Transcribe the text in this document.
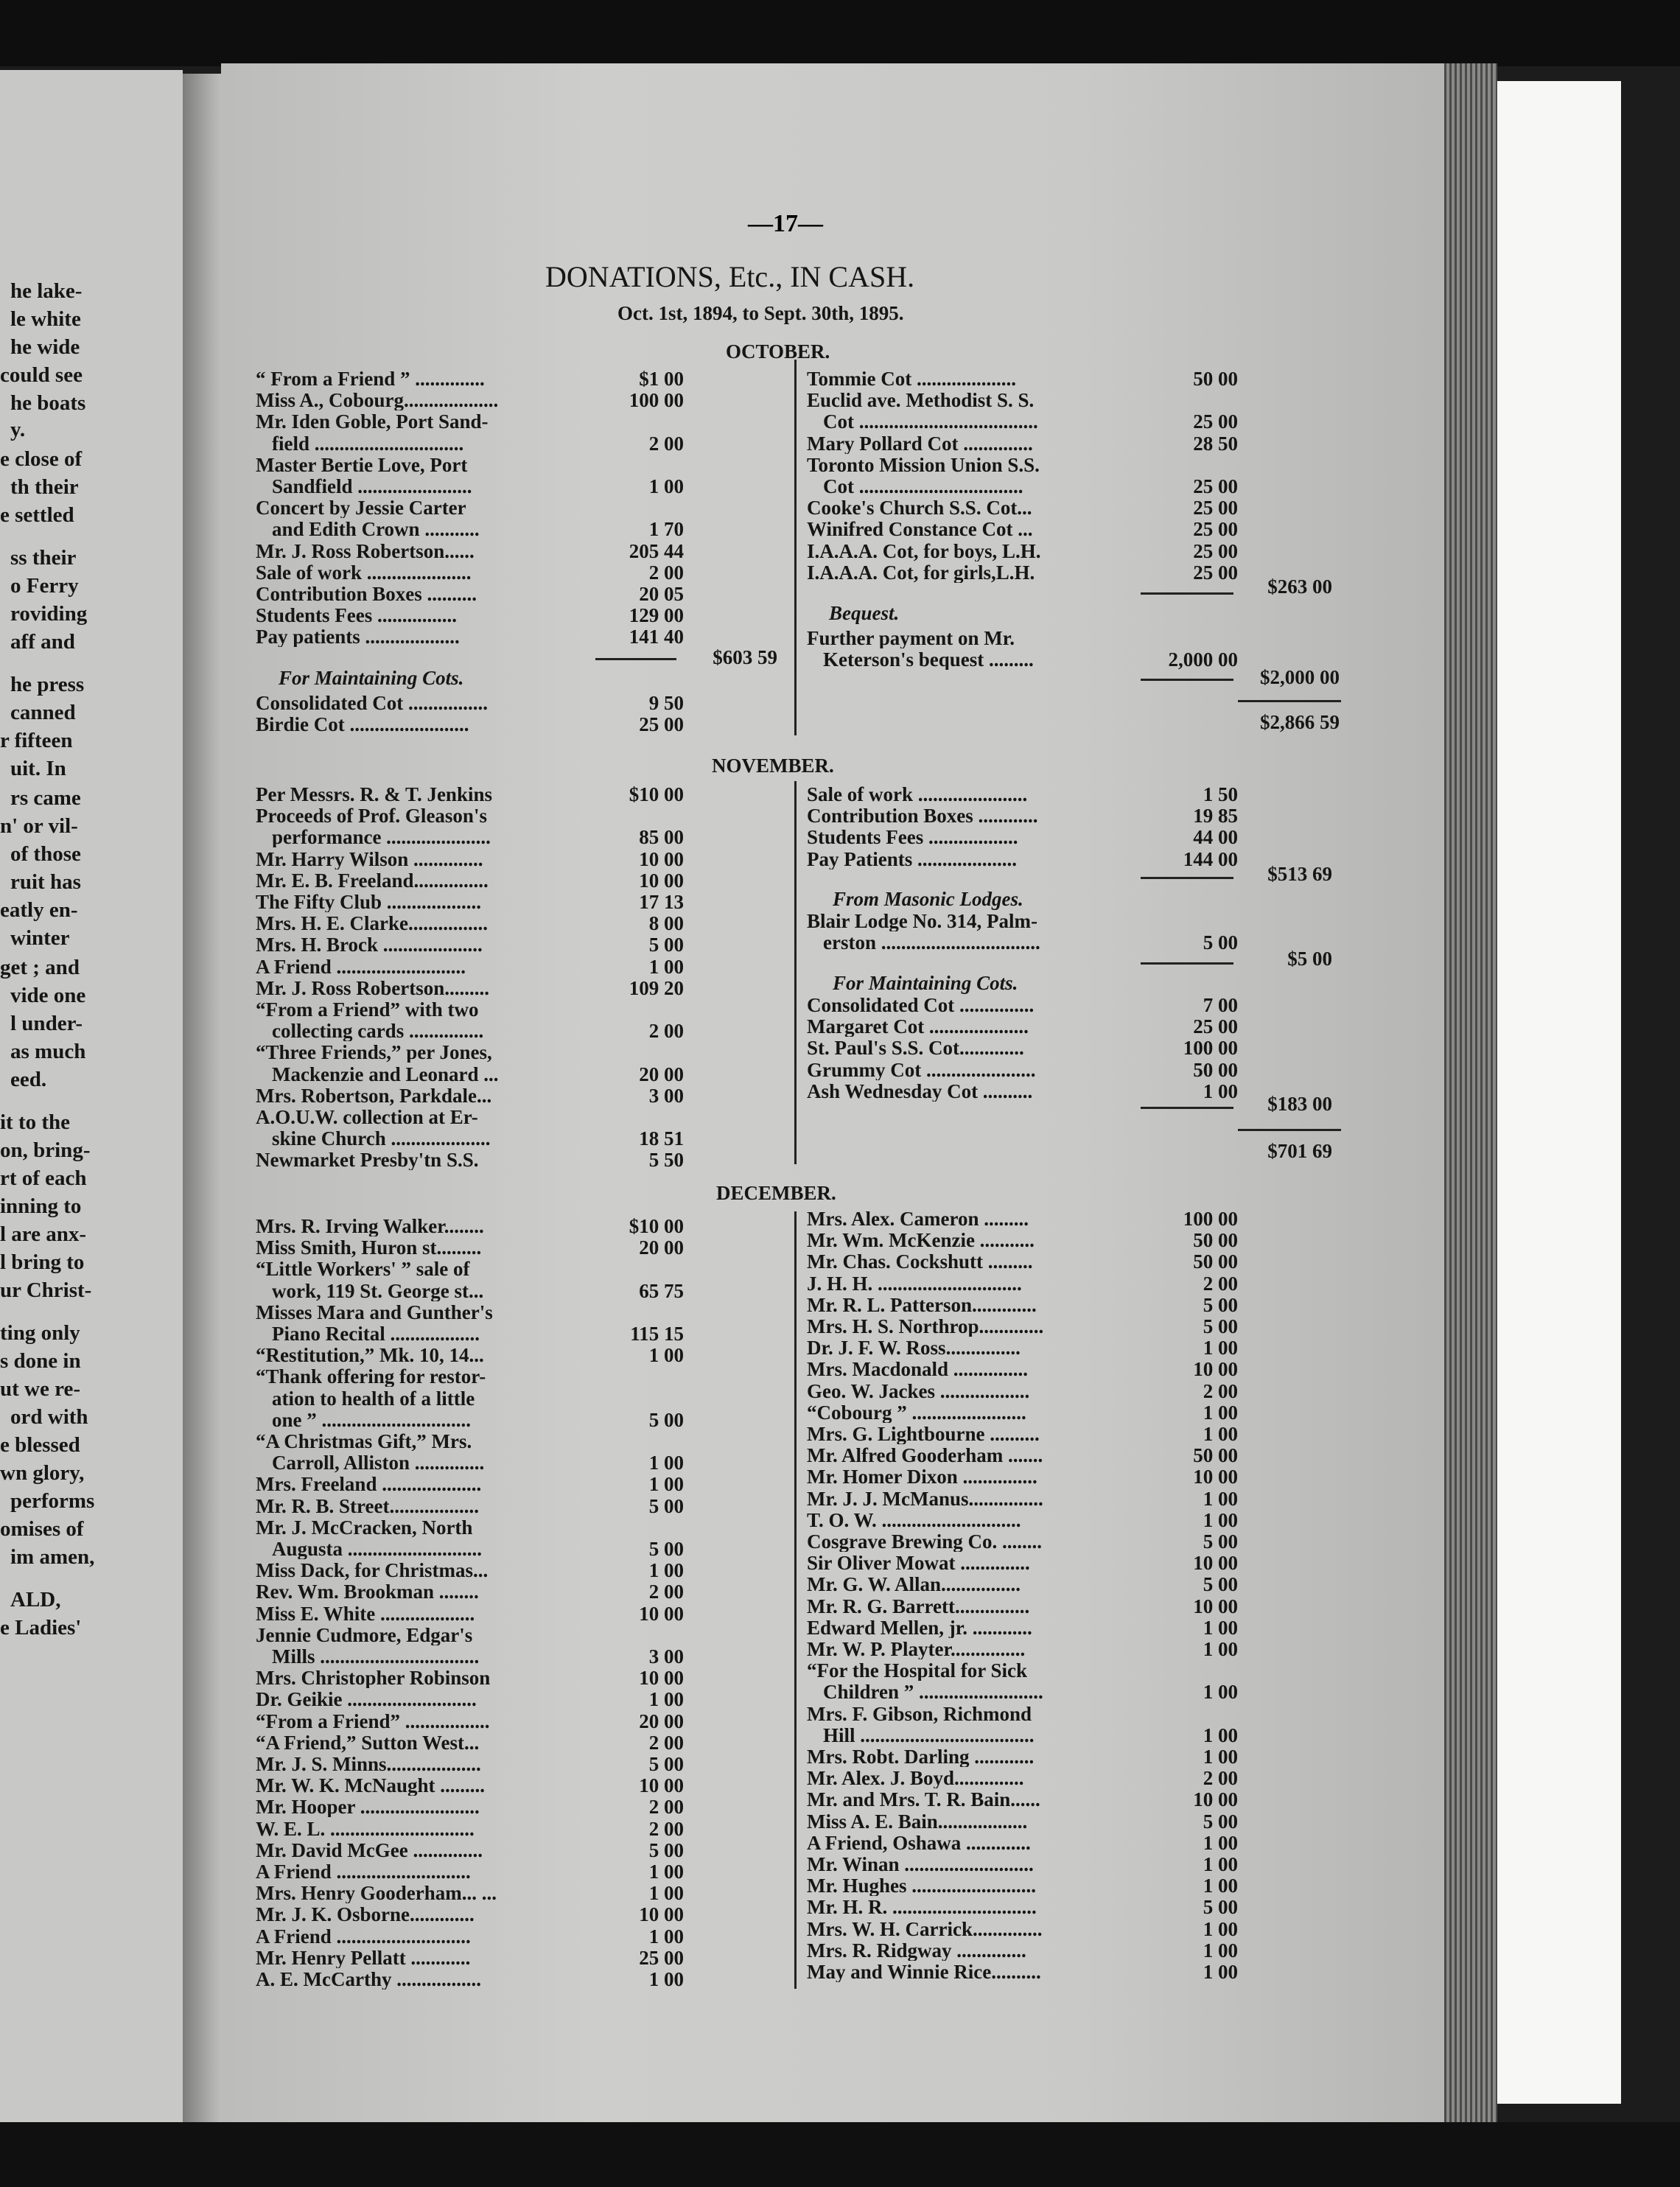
he lake-
le white
he wide
could see
he boats
y.
e close of
th their
e settled
ss their
o Ferry
roviding
aff and
he press
canned
r fifteen
uit. In
rs came
n' or vil-
of those
ruit has
eatly en-
winter
get ; and
vide one
l under-
as much
eed.
it to the
on, bring-
rt of each
inning to
l are anx-
l bring to
ur Christ-
ting only
s done in
ut we re-
ord with
e blessed
wn glory,
performs
omises of
im amen,
ALD,
e Ladies'
—17—
DONATIONS, Etc., IN CASH.
Oct. 1st, 1894, to Sept. 30th, 1895.
OCTOBER.
“ From a Friend ” ..............	$1 00
Miss A., Cobourg...................	100 00
Mr. Iden Goble, Port Sand-
field ..............................	2 00
Master Bertie Love, Port
Sandfield .......................	1 00
Concert by Jessie Carter
and Edith Crown ...........	1 70
Mr. J. Ross Robertson......	205 44
Sale of work .....................	2 00
Contribution Boxes ..........	20 05
Students Fees ................	129 00
Pay patients ...................	141 40
$603 59
For Maintaining Cots.
Consolidated Cot ................	9 50
Birdie Cot ........................	25 00
Tommie Cot ....................	50 00
Euclid ave. Methodist S. S.
Cot ....................................	25 00
Mary Pollard Cot ..............	28 50
Toronto Mission Union S.S.
Cot .................................	25 00
Cooke's Church S.S. Cot...	25 00
Winifred Constance Cot ...	25 00
I.A.A.A. Cot, for boys, L.H.	25 00
I.A.A.A. Cot, for girls,L.H.	25 00
$263 00
Bequest.
Further payment on Mr.
Keterson's bequest .........	2,000 00
$2,000 00
$2,866 59
NOVEMBER.
Per Messrs. R. & T. Jenkins	$10 00
Proceeds of Prof. Gleason's
performance .....................	85 00
Mr. Harry Wilson ..............	10 00
Mr. E. B. Freeland...............	10 00
The Fifty Club ...................	17 13
Mrs. H. E. Clarke................	8 00
Mrs. H. Brock ....................	5 00
A Friend ..........................	1 00
Mr. J. Ross Robertson.........	109 20
“From a Friend” with two
collecting cards ...............	2 00
“Three Friends,” per Jones,
Mackenzie and Leonard ...	20 00
Mrs. Robertson, Parkdale...	3 00
A.O.U.W. collection at Er-
skine Church ....................	18 51
Newmarket Presby'tn S.S.	5 50
Sale of work ......................	1 50
Contribution Boxes ............	19 85
Students Fees ..................	44 00
Pay Patients ....................	144 00
$513 69
From Masonic Lodges.
Blair Lodge No. 314, Palm-
erston ................................	5 00
$5 00
For Maintaining Cots.
Consolidated Cot ...............	7 00
Margaret Cot ....................	25 00
St. Paul's S.S. Cot.............	100 00
Grummy Cot ......................	50 00
Ash Wednesday Cot ..........	1 00
$183 00
$701 69
DECEMBER.
Mrs. R. Irving Walker........	$10 00
Miss Smith, Huron st.........	20 00
“Little Workers' ” sale of
work, 119 St. George st...	65 75
Misses Mara and Gunther's
Piano Recital ..................	115 15
“Restitution,” Mk. 10, 14...	1 00
“Thank offering for restor-
ation to health of a little
one ” ..............................	5 00
“A Christmas Gift,” Mrs.
Carroll, Alliston ..............	1 00
Mrs. Freeland ....................	1 00
Mr. R. B. Street..................	5 00
Mr. J. McCracken, North
Augusta ...........................	5 00
Miss Dack, for Christmas...	1 00
Rev. Wm. Brookman ........	2 00
Miss E. White ...................	10 00
Jennie Cudmore, Edgar's
Mills ................................	3 00
Mrs. Christopher Robinson	10 00
Dr. Geikie ..........................	1 00
“From a Friend” .................	20 00
“A Friend,” Sutton West...	2 00
Mr. J. S. Minns...................	5 00
Mr. W. K. McNaught .........	10 00
Mr. Hooper ........................	2 00
W. E. L. .............................	2 00
Mr. David McGee ..............	5 00
A Friend ...........................	1 00
Mrs. Henry Gooderham... ...	1 00
Mr. J. K. Osborne.............	10 00
A Friend ...........................	1 00
Mr. Henry Pellatt ............	25 00
A. E. McCarthy .................	1 00
Mrs. Alex. Cameron .........	100 00
Mr. Wm. McKenzie ...........	50 00
Mr. Chas. Cockshutt .........	50 00
J. H. H. .............................	2 00
Mr. R. L. Patterson.............	5 00
Mrs. H. S. Northrop.............	5 00
Dr. J. F. W. Ross...............	1 00
Mrs. Macdonald ...............	10 00
Geo. W. Jackes ..................	2 00
“Cobourg ” .......................	1 00
Mrs. G. Lightbourne ..........	1 00
Mr. Alfred Gooderham .......	50 00
Mr. Homer Dixon ...............	10 00
Mr. J. J. McManus...............	1 00
T. O. W. ............................	1 00
Cosgrave Brewing Co. ........	5 00
Sir Oliver Mowat ..............	10 00
Mr. G. W. Allan................	5 00
Mr. R. G. Barrett...............	10 00
Edward Mellen, jr. ............	1 00
Mr. W. P. Playter...............	1 00
“For the Hospital for Sick
Children ” .........................	1 00
Mrs. F. Gibson, Richmond
Hill ...................................	1 00
Mrs. Robt. Darling ............	1 00
Mr. Alex. J. Boyd..............	2 00
Mr. and Mrs. T. R. Bain......	10 00
Miss A. E. Bain..................	5 00
A Friend, Oshawa .............	1 00
Mr. Winan ..........................	1 00
Mr. Hughes .........................	1 00
Mr. H. R. .............................	5 00
Mrs. W. H. Carrick..............	1 00
Mrs. R. Ridgway ..............	1 00
May and Winnie Rice..........	1 00
